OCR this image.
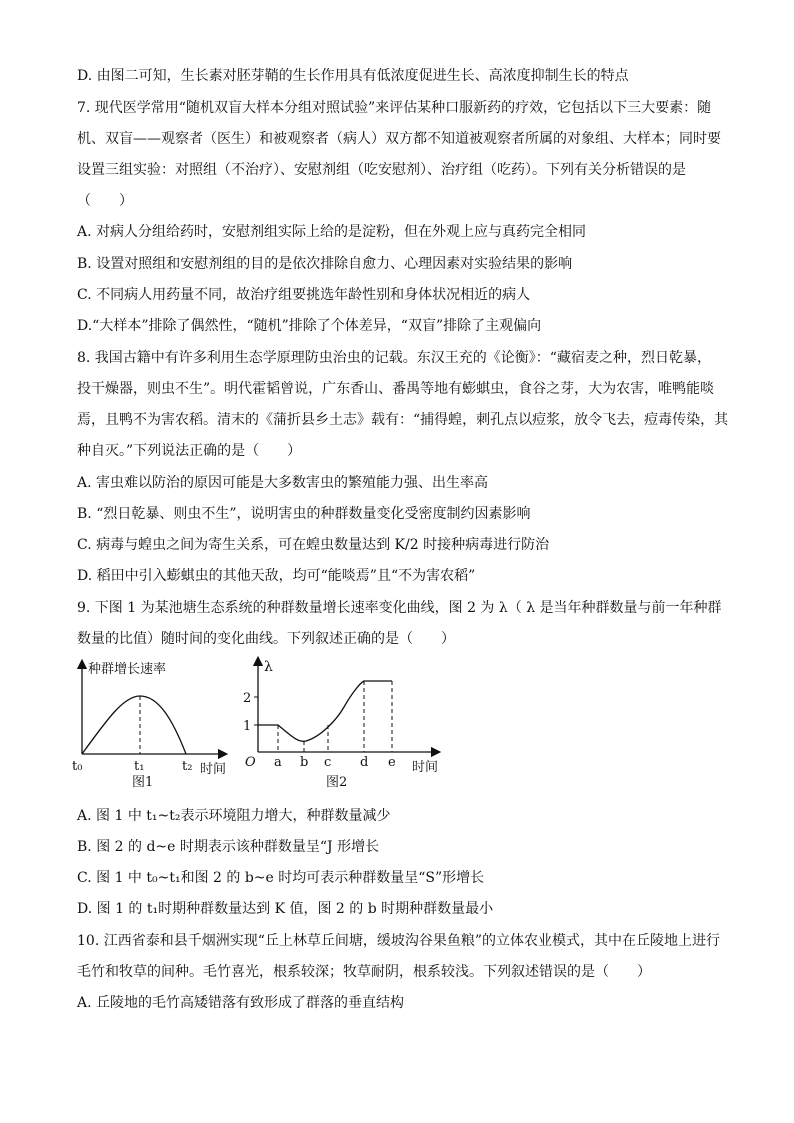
D. 由图二可知，生长素对胚芽鞘的生长作用具有低浓度促进生长、高浓度抑制生长的特点
7. 现代医学常用“随机双盲大样本分组对照试验”来评估某种口服新药的疗效，它包括以下三大要素：随
机、双盲——观察者（医生）和被观察者（病人）双方都不知道被观察者所属的对象组、大样本；同时要
设置三组实验：对照组（不治疗）、安慰剂组（吃安慰剂）、治疗组（吃药）。下列有关分析错误的是
（　　）
A. 对病人分组给药时，安慰剂组实际上给的是淀粉，但在外观上应与真药完全相同
B. 设置对照组和安慰剂组的目的是依次排除自愈力、心理因素对实验结果的影响
C. 不同病人用药量不同，故治疗组要挑选年龄性别和身体状况相近的病人
D.“大样本”排除了偶然性，“随机”排除了个体差异，“双盲”排除了主观偏向
8. 我国古籍中有许多利用生态学原理防虫治虫的记载。东汉王充的《论衡》：“藏宿麦之种，烈日乾暴，
投干燥器，则虫不生”。明代霍韬曾说，广东香山、番禺等地有蟛蜞虫，食谷之芽，大为农害，唯鸭能啖
焉，且鸭不为害农稻。清末的《蒲折县乡土志》载有：“捕得蝗，刺孔点以痘浆，放令飞去，痘毒传染，其
种自灭。”下列说法正确的是（　　）
A. 害虫难以防治的原因可能是大多数害虫的繁殖能力强、出生率高
B. “烈日乾暴、则虫不生”，说明害虫的种群数量变化受密度制约因素影响
C. 病毒与蝗虫之间为寄生关系，可在蝗虫数量达到 K/2 时接种病毒进行防治
D. 稻田中引入蟛蜞虫的其他天敌，均可“能啖焉”且“不为害农稻”
9. 下图 1 为某池塘生态系统的种群数量增长速率变化曲线，图 2 为 λ（ λ 是当年种群数量与前一年种群
数量的比值）随时间的变化曲线。下列叙述正确的是（　　）
种群增长速率
t₀	t₁	t₂ 时间
图1
λ
2
1
O a b c d e 时间
图2
A. 图 1 中 t₁~t₂表示环境阻力增大，种群数量减少
B. 图 2 的 d~e 时期表示该种群数量呈“J 形增长
C. 图 1 中 t₀~t₁和图 2 的 b~e 时均可表示种群数量呈“S”形增长
D. 图 1 的 t₁时期种群数量达到 K 值，图 2 的 b 时期种群数量最小
10. 江西省泰和县千烟洲实现“丘上林草丘间塘，缓坡沟谷果鱼粮”的立体农业模式，其中在丘陵地上进行
毛竹和牧草的间种。毛竹喜光，根系较深；牧草耐阴，根系较浅。下列叙述错误的是（　　）
A. 丘陵地的毛竹高矮错落有致形成了群落的垂直结构
